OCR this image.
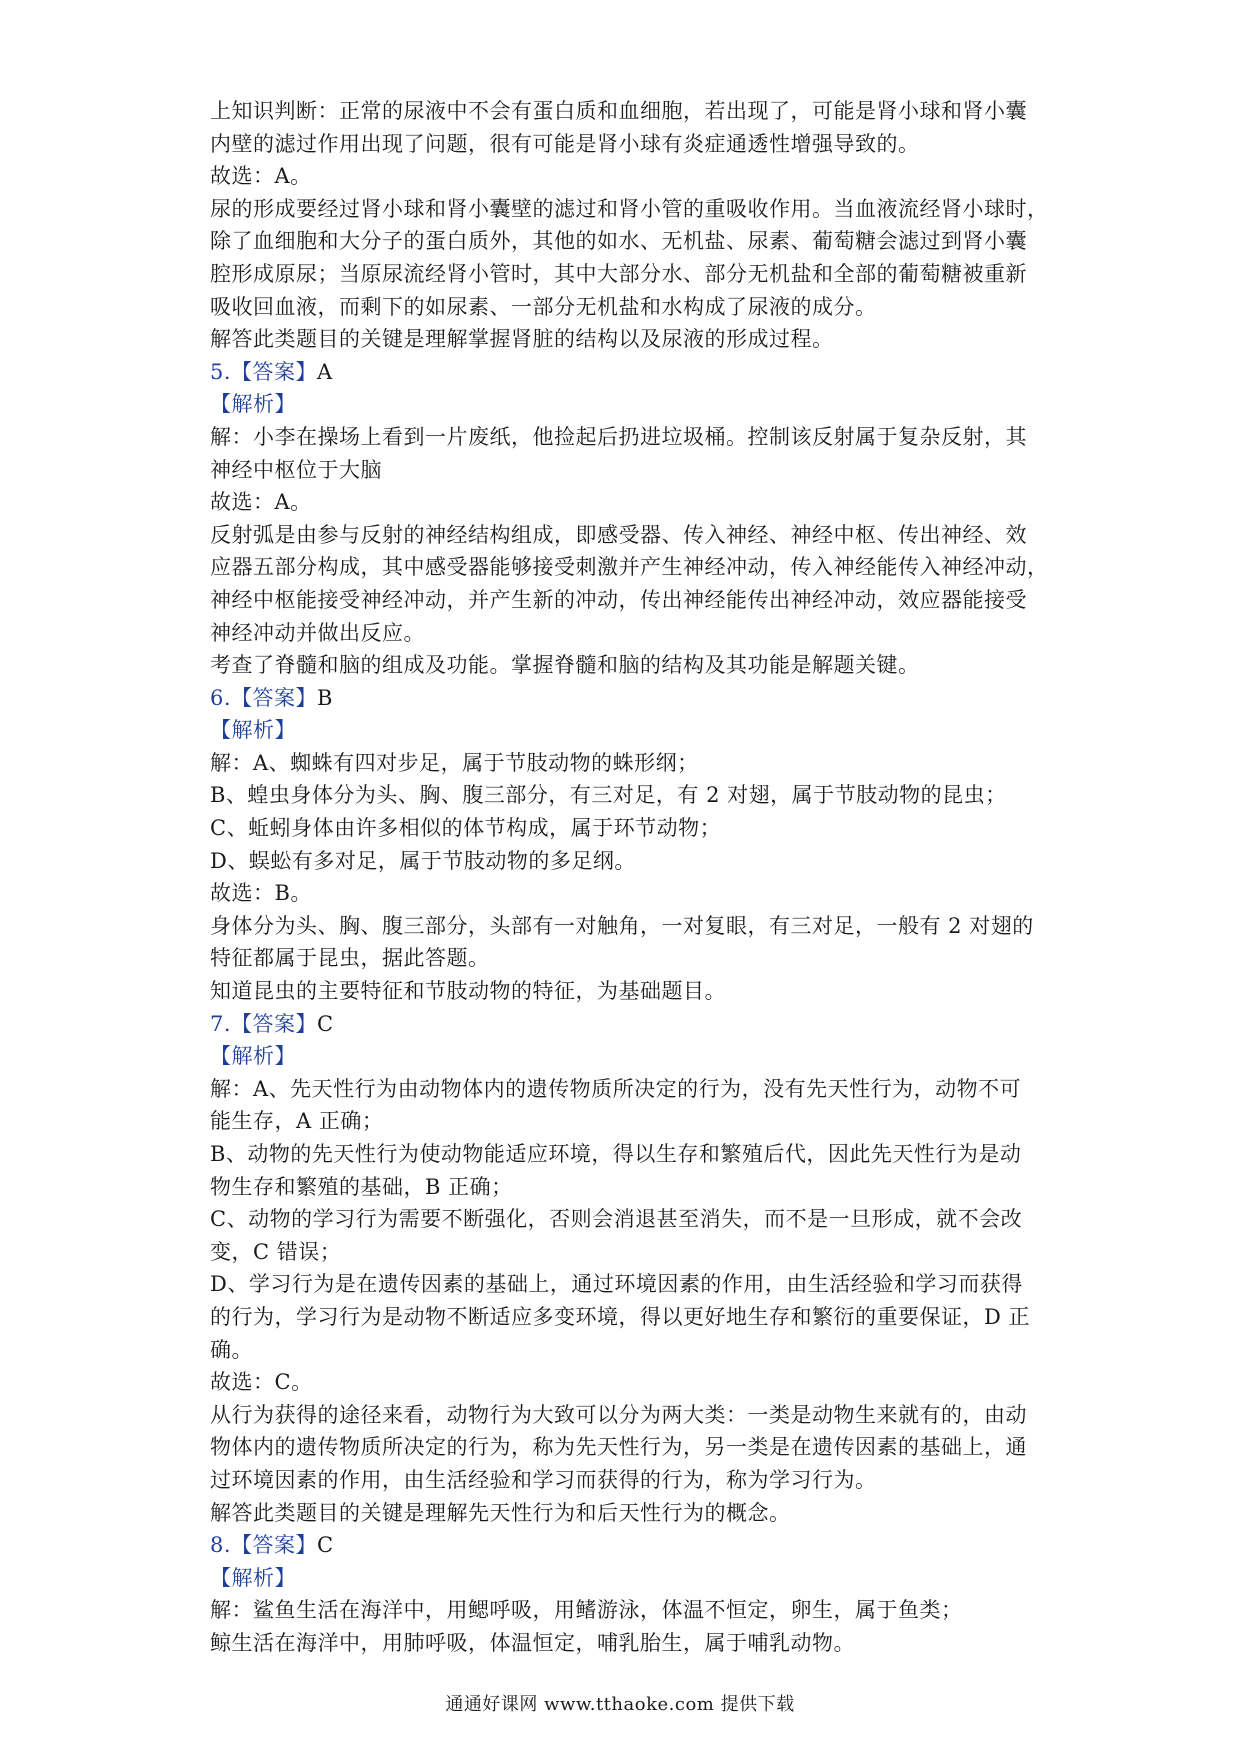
上知识判断：正常的尿液中不会有蛋白质和血细胞，若出现了，可能是肾小球和肾小囊
内壁的滤过作用出现了问题，很有可能是肾小球有炎症通透性增强导致的。
故选：A。
尿的形成要经过肾小球和肾小囊壁的滤过和肾小管的重吸收作用。当血液流经肾小球时，
除了血细胞和大分子的蛋白质外，其他的如水、无机盐、尿素、葡萄糖会滤过到肾小囊
腔形成原尿；当原尿流经肾小管时，其中大部分水、部分无机盐和全部的葡萄糖被重新
吸收回血液，而剩下的如尿素、一部分无机盐和水构成了尿液的成分。
解答此类题目的关键是理解掌握肾脏的结构以及尿液的形成过程。
5.【答案】A
【解析】
解：小李在操场上看到一片废纸，他捡起后扔进垃圾桶。控制该反射属于复杂反射，其
神经中枢位于大脑
故选：A。
反射弧是由参与反射的神经结构组成，即感受器、传入神经、神经中枢、传出神经、效
应器五部分构成，其中感受器能够接受刺激并产生神经冲动，传入神经能传入神经冲动，
神经中枢能接受神经冲动，并产生新的冲动，传出神经能传出神经冲动，效应器能接受
神经冲动并做出反应。
考查了脊髓和脑的组成及功能。掌握脊髓和脑的结构及其功能是解题关键。
6.【答案】B
【解析】
解：A、蜘蛛有四对步足，属于节肢动物的蛛形纲；
B、蝗虫身体分为头、胸、腹三部分，有三对足，有 2 对翅，属于节肢动物的昆虫；
C、蚯蚓身体由许多相似的体节构成，属于环节动物；
D、蜈蚣有多对足，属于节肢动物的多足纲。
故选：B。
身体分为头、胸、腹三部分，头部有一对触角，一对复眼，有三对足，一般有 2 对翅的
特征都属于昆虫，据此答题。
知道昆虫的主要特征和节肢动物的特征，为基础题目。
7.【答案】C
【解析】
解：A、先天性行为由动物体内的遗传物质所决定的行为，没有先天性行为，动物不可
能生存，A 正确；
B、动物的先天性行为使动物能适应环境，得以生存和繁殖后代，因此先天性行为是动
物生存和繁殖的基础，B 正确；
C、动物的学习行为需要不断强化，否则会消退甚至消失，而不是一旦形成，就不会改
变，C 错误；
D、学习行为是在遗传因素的基础上，通过环境因素的作用，由生活经验和学习而获得
的行为，学习行为是动物不断适应多变环境，得以更好地生存和繁衍的重要保证，D 正
确。
故选：C。
从行为获得的途径来看，动物行为大致可以分为两大类：一类是动物生来就有的，由动
物体内的遗传物质所决定的行为，称为先天性行为，另一类是在遗传因素的基础上，通
过环境因素的作用，由生活经验和学习而获得的行为，称为学习行为。
解答此类题目的关键是理解先天性行为和后天性行为的概念。
8.【答案】C
【解析】
解：鲨鱼生活在海洋中，用鳃呼吸，用鳍游泳，体温不恒定，卵生，属于鱼类；
鲸生活在海洋中，用肺呼吸，体温恒定，哺乳胎生，属于哺乳动物。
通通好课网 www.tthaoke.com 提供下载
